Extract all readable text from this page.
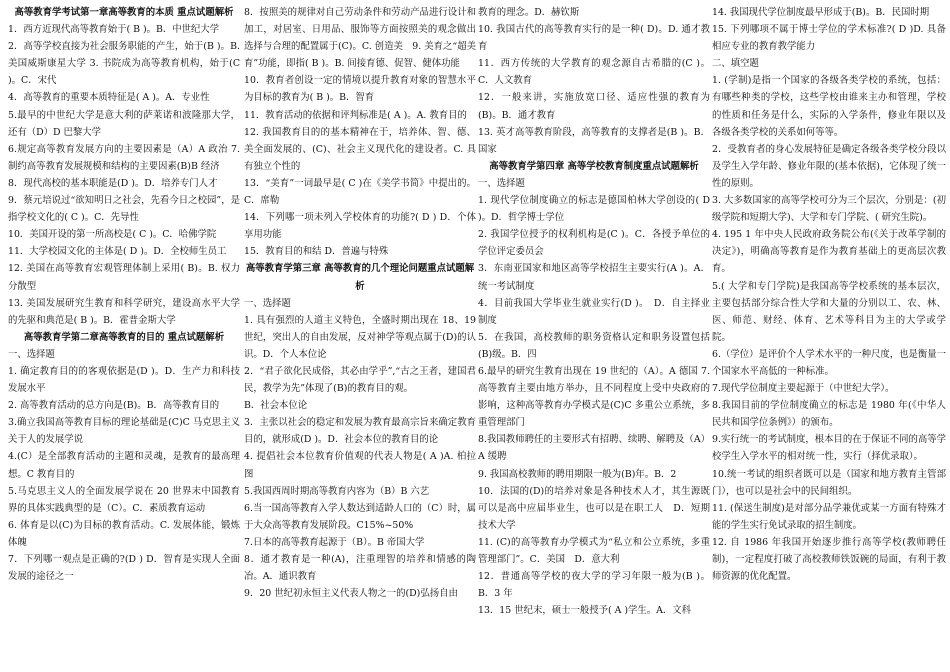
高等教育学考试第一章高等教育的本质 重点试题解析

1．西方近现代高等教育始于( B )。B．中世纪大学

2．高等学校直接为社会服务职能的产生，始于(B )。B. 美国威斯康星大学 3. 书院成为高等教育机构，始于(C )。C．宋代

4．高等教育的重要本质特征是( A )。A．专业性

5.最早的中世纪大学是意大利的萨莱诺和波隆那大学，还有（D）D 巴黎大学

6.规定高等教育发展方向的主要因素是（A）A 政治 7.制约高等教育发展规模和结构的主要因素(B)B 经济

8．现代高校的基本职能是(D )。D．培养专门人才

9．蔡元培说过“欲知明日之社会，先看今日之校园”，是指学校文化的( C )。C．先导性

10．美国开设的第一所高校是( C )。C．哈佛学院

11．大学校园文化的主体是( D )。D．全校师生员工

12. 美国在高等教育宏观管理体制上采用( B)。B. 权力分散型

13. 美国发展研究生教育和科学研究，建设高水平大学的先驱和典范是( B )。B．霍普金斯大学

高等教育学第二章高等教育的目的 重点试题解析

一、选择题

1. 确定教育目的的客观依据是(D )。D．生产力和科技发展水平

2. 高等教育活动的总方向是(B)。B．高等教育目的

3.确立我国高等教育目标的理论基础是(C)C 马克思主义关于人的发展学说

4.(C）是全部教育活动的主题和灵魂，是教育的最高理想。C 教育目的

5.马克思主义人的全面发展学说在 20 世界末中国教育界的具体实践典型的是（C）。C．素质教育运动

6. 体育是以(C)为目标的教育活动。C. 发展体能，锻炼体魄

7．下列哪一观点是正确的?(D ) D．智育是实现人全面发展的途径之一

8．按照美的规律对自己劳动条件和劳动产品进行设计和加工，对居室、日用品、服饰等方面按照美的观念做出选择与合理的配置属于(C)。C. 创造美　9. 美育之“超美育”功能，即指( B )。B. 间接育德、促智、健体功能

10．教育者创设一定的情境以提升教育对象的智慧水平为目标的教育为( B )。B．智育

11．教育活动的依据和评判标准是( A )。A. 教育目的

12. 我国教育目的的基本精神在于，培养体、智、德、美全面发展的、(C)、社会主义现代化的建设者。C. 具有独立个性的

13．“美育”一词最早是( C )在《美学书简》中提出的。C．席勒

14．下列哪一项未列入学校体育的功能?( D ) D．个体享用功能

15．教育目的和结 D．普遍与特殊

高等教育学第三章 高等教育的几个理论问题重点试题解析

一、选择题

1. 具有强烈的人道主义特色，全盛时期出现在 18、19 世纪，突出人的自由发展，反对神学等观点属于(D)的认识。D．个人本位论

2．“君子欲化民成俗，其必由学乎”,“古之王者，建国君民，教学为先”体现了(B)的教育目的观。

B．社会本位论

3．主张以社会的稳定和发展为教育最高宗旨来确定教育目的，就形成(D )。D．社会本位的教育目的论

4. 提倡社会本位教育价值观的代表人物是( A )A. 柏拉图

5.我国西周时期高等教育内容为（B）B 六艺

6.当一国高等教育入学人数达到适龄人口的（C）时，属于大众高等教育发展阶段。C15%~50%

7.日本的高等教育起源于（B）。B 帝国大学

8．通才教育是一种(A)，注重理智的培养和情感的陶冶。A．通识教育

9．20 世纪初永恒主义代表人物之一的(D)弘扬自由

教育的理念。D．赫钦斯

10. 我国古代的高等教育实行的是一种( D)。D. 通才教育

11．西方传统的大学教育的观念源自古希腊的(C )。C．人文教育

12．一般来讲，实施放宽口径、适应性强的教育为(B)。B．通才教育

13. 英才高等教育阶段，高等教育的支撑者是(B )。B．国家

高等教育学第四章 高等学校教育制度重点试题解析

一、选择题

1. 现代学位制度确立的标志是德国柏林大学创设的( D )。D．哲学博士学位

2. 我国学位授予的权利机构是(C )。C．各授予单位的学位评定委员会

3．东南亚国家和地区高等学校招生主要实行(A )。A．统一考试制度

4．目前我国大学毕业生就业实行(D )。　D．自主择业制度

5．在我国，高校教师的职务资格认定和职务设置包括(B)级。B．四

6.最早的研究生教育出现在 19 世纪的（A）。A 德国 7.高等教育主要由地方举办，且不同程度上受中央政府的影响，这种高等教育办学模式是(C)C 多重公立系统，多重管理部门

8.我国教师聘任的主要形式有招聘、续聘、解聘及（A）A 缓聘

9. 我国高校教师的聘用期限一般为(B)年。B．2

10．法国的(D)的培养对象是各种技术人才，其生源既可以是高中应届毕业生，也可以是在职工人　D．短期技术大学

11. (C)的高等教育办学模式为“私立和公立系统，多重管理部门”。C．美国　D．意大利

12．普通高等学校的夜大学的学习年限一般为(B )。B．3 年

13．15 世纪末，硕士一般授予( A )学生。A．文科

14. 我国现代学位制度最早形成于(B)。B．民国时期

15. 下列哪项不属于博士学位的学术标准?( D )D. 具备相应专业的教育教学能力

二、填空题

1. (学制)是指一个国家的各级各类学校的系统，包括：有哪些种类的学校，这些学校由谁来主办和管理，学校的性质和任务是什么，实际的入学条件，修业年限以及各级各类学校的关系如何等等。

2．受教育者的身心发展特征是确定各级各类学校分段以及学生入学年龄、修业年限的(基本依据)，它体现了统一性的原则。

3. 大多数国家的高等学校可分为三个层次，分别是：(初级学院和短期大学)、大学和专门学院、( 研究生院)。

4. 195 1 年中央人民政府政务院公布(《关于改革学制的决定》)，明确高等教育是作为教育基础上的更高层次教育。

5.( 大学和专门学院)是我国高等学校系统的基本层次，主要包括部分综合性大学和大量的分别以工、农、林、医、师范、财经、体育、艺术等科目为主的大学或学院。

6.（学位）是评价个人学术水平的一种尺度，也是衡量一个国家水平高低的一种标准。

7.现代学位制度主要起源于（中世纪大学）。

8.我国目前的学位制度确立的标志是 1980 年(《中华人民共和国学位条例》）的颁布。

9.实行统一的考试制度，根本目的在于保证不同的高等学校学生入学水平的相对统一性，实行（择优录取）。

10.统一考试的组织者既可以是（国家和地方教育主管部门），也可以是社会中的民间组织。

11. (保送生制度)是对部分品学兼优或某一方面有特殊才能的学生实行免试录取的招生制度。

12. 自 1986 年我国开始逐步推行高等学校(教师聘任制)，一定程度打破了高校教师铁饭碗的局面，有利于教师资源的优化配置。
